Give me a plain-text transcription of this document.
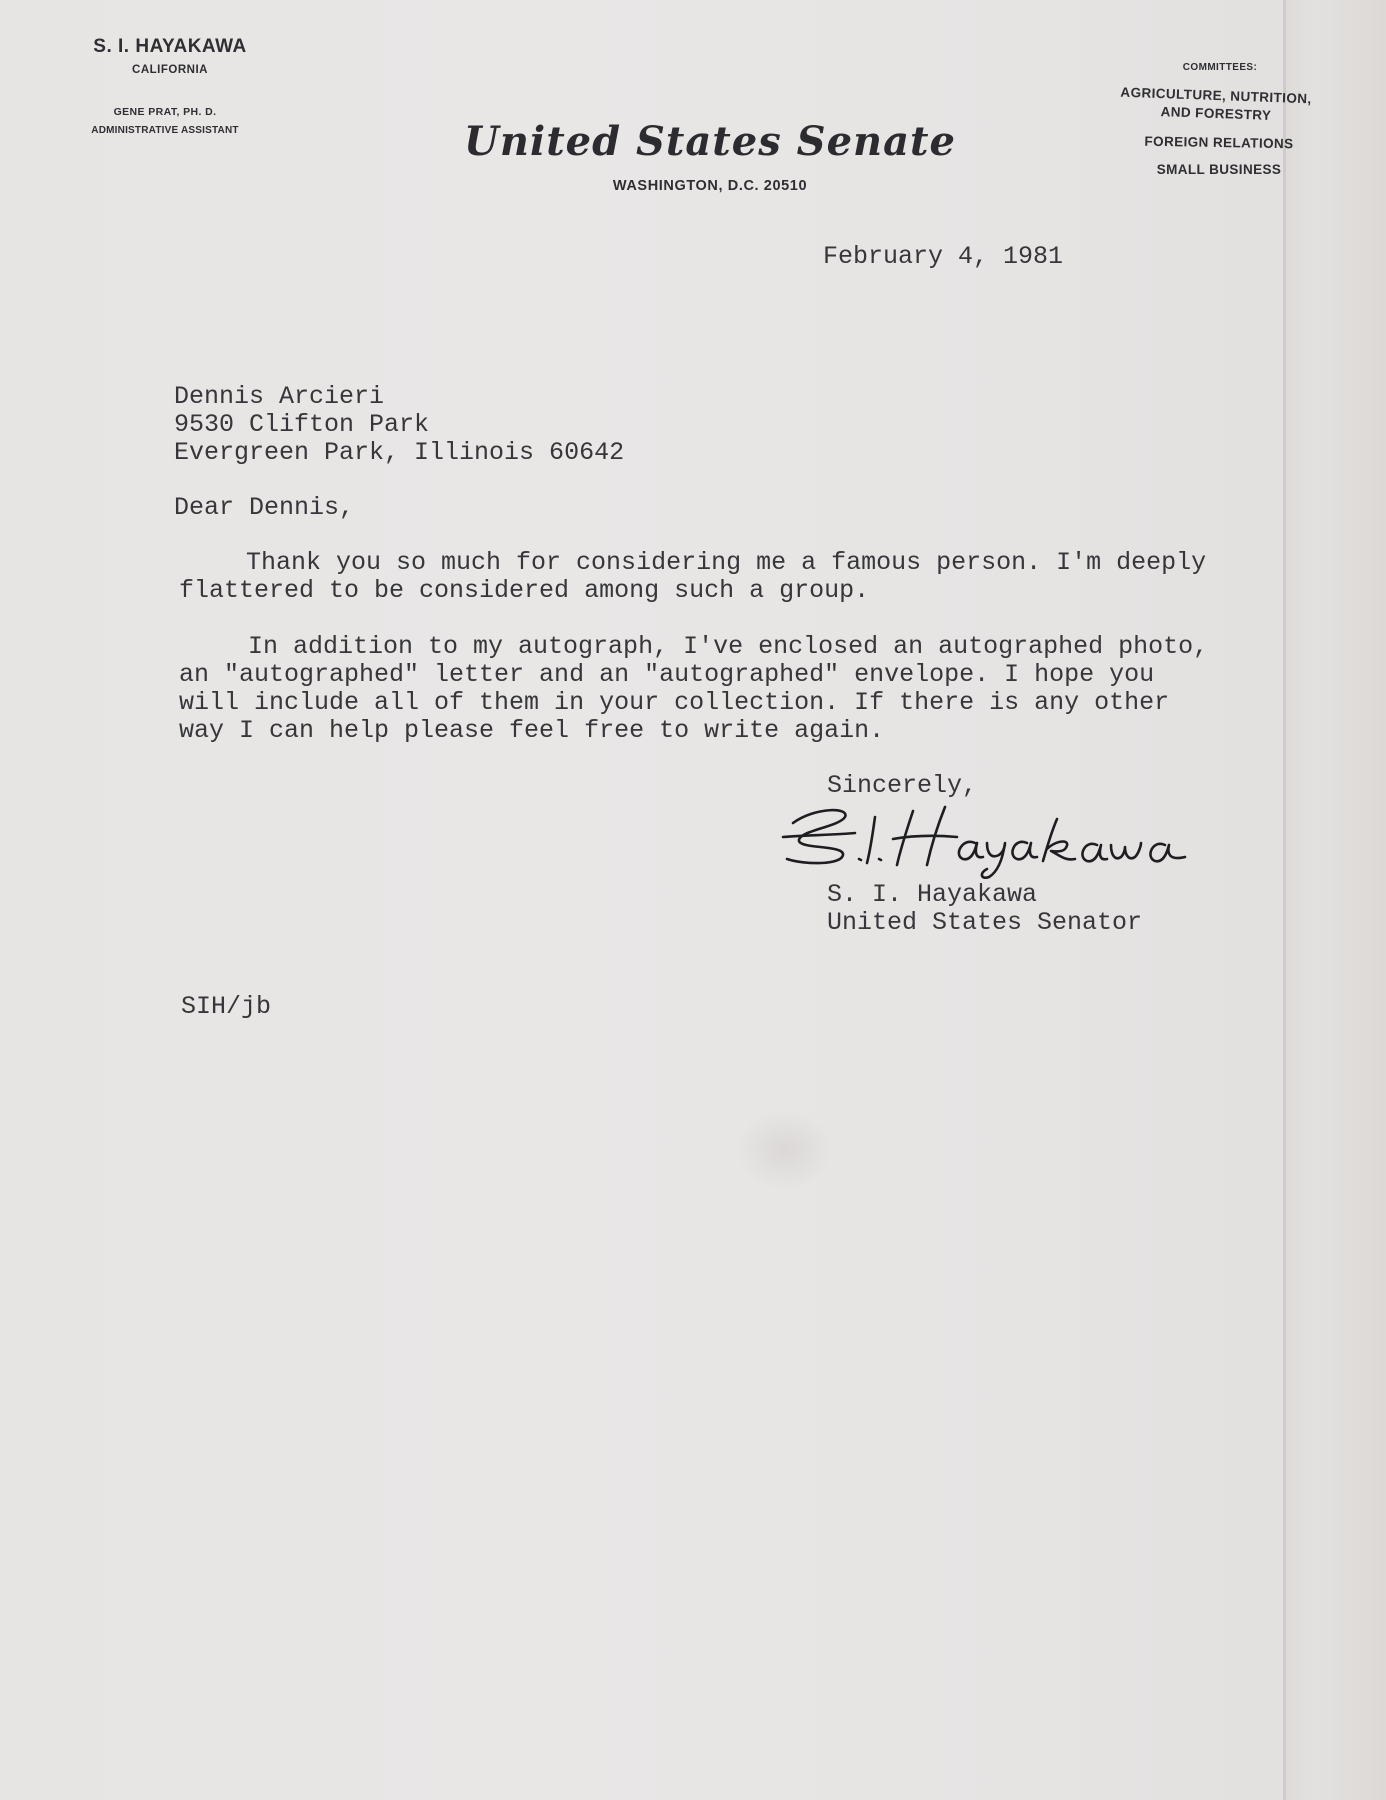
S. I. HAYAKAWA
CALIFORNIA
GENE PRAT, PH. D.
ADMINISTRATIVE ASSISTANT	United States Senate
WASHINGTON, D.C. 20510
COMMITTEES:
AGRICULTURE, NUTRITION,
AND FORESTRY
FOREIGN RELATIONS
SMALL BUSINESS
February 4, 1981
Dennis Arcieri
9530 Clifton Park
Evergreen Park, Illinois 60642
Dear Dennis,
Thank you so much for considering me a famous person. I'm deeply
flattered to be considered among such a group.
In addition to my autograph, I've enclosed an autographed photo,
an "autographed" letter and an "autographed" envelope. I hope you
will include all of them in your collection. If there is any other
way I can help please feel free to write again.
Sincerely,
S. I. Hayakawa
United States Senator
SIH/jb
